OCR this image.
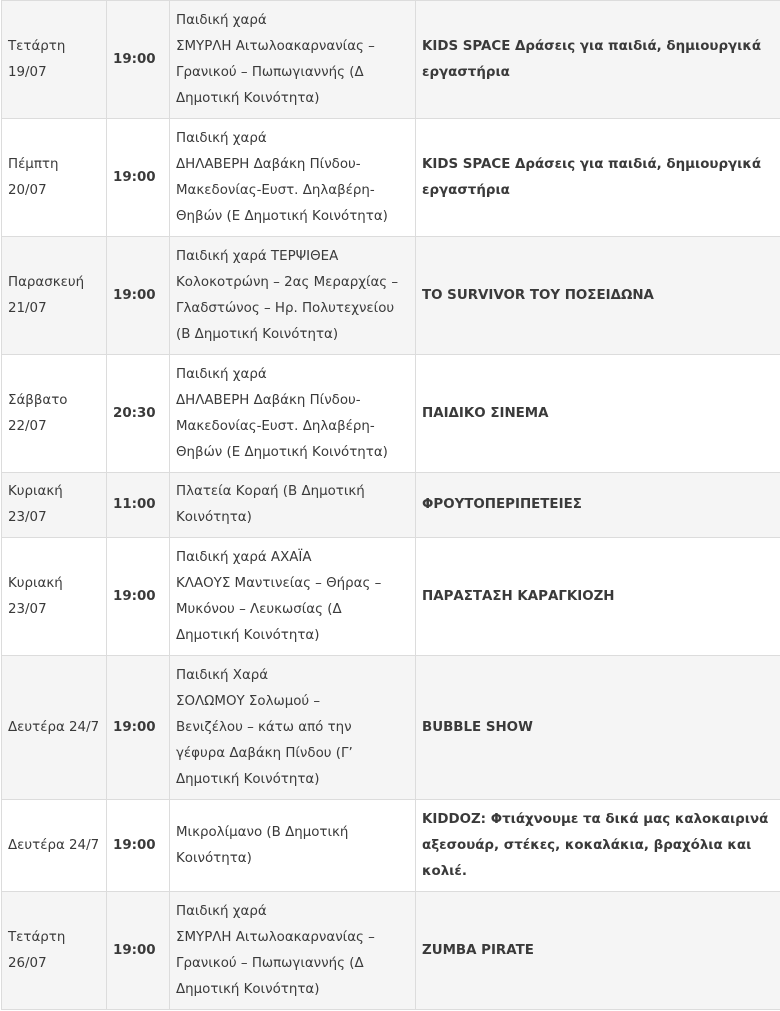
Τετάρτη
19/07	19:00	Παιδική χαρά
ΣΜΥΡΛΗ Αιτωλοακαρνανίας –
Γρανικού – Πωπωγιαννής (Δ
Δημοτική Κοινότητα)	KIDS SPACE Δράσεις για παιδιά, δημιουργικά
εργαστήρια
Πέμπτη
20/07	19:00	Παιδική χαρά
ΔΗΛΑΒΕΡΗ Δαβάκη Πίνδου-
Μακεδονίας-Ευστ. Δηλαβέρη-
Θηβών (Ε Δημοτική Κοινότητα)	KIDS SPACE Δράσεις για παιδιά, δημιουργικά
εργαστήρια
Παρασκευή
21/07	19:00	Παιδική χαρά ΤΕΡΨΙΘΕΑ
Κολοκοτρώνη – 2ας Μεραρχίας –
Γλαδστώνος – Ηρ. Πολυτεχνείου
(Β Δημοτική Κοινότητα)	ΤΟ SURVIVOR ΤΟΥ ΠΟΣΕΙΔΩΝΑ
Σάββατο
22/07	20:30	Παιδική χαρά
ΔΗΛΑΒΕΡΗ Δαβάκη Πίνδου-
Μακεδονίας-Ευστ. Δηλαβέρη-
Θηβών (Ε Δημοτική Κοινότητα)	ΠΑΙΔΙΚΟ ΣΙΝΕΜΑ
Κυριακή
23/07	11:00	Πλατεία Κοραή (Β Δημοτική
Κοινότητα)	ΦΡΟΥΤΟΠΕΡΙΠΕΤΕΙΕΣ
Κυριακή
23/07	19:00	Παιδική χαρά ΑΧΑΪΑ
ΚΛΑΟΥΣ Μαντινείας – Θήρας –
Μυκόνου – Λευκωσίας (Δ
Δημοτική Κοινότητα)	ΠΑΡΑΣΤΑΣΗ ΚΑΡΑΓΚΙΟΖΗ
Δευτέρα 24/7	19:00	Παιδική Χαρά
ΣΟΛΩΜΟΥ Σολωμού –
Βενιζέλου – κάτω από την
γέφυρα Δαβάκη Πίνδου (Γ’
Δημοτική Κοινότητα)	BUBBLE SHOW
Δευτέρα 24/7	19:00	Μικρολίμανο (Β Δημοτική
Κοινότητα)	KIDDOZ: Φτιάχνουμε τα δικά μας καλοκαιρινά
αξεσουάρ, στέκες, κοκαλάκια, βραχόλια και
κολιέ.
Τετάρτη
26/07	19:00	Παιδική χαρά
ΣΜΥΡΛΗ Αιτωλοακαρνανίας –
Γρανικού – Πωπωγιαννής (Δ
Δημοτική Κοινότητα)	ZUMBA PIRATE
